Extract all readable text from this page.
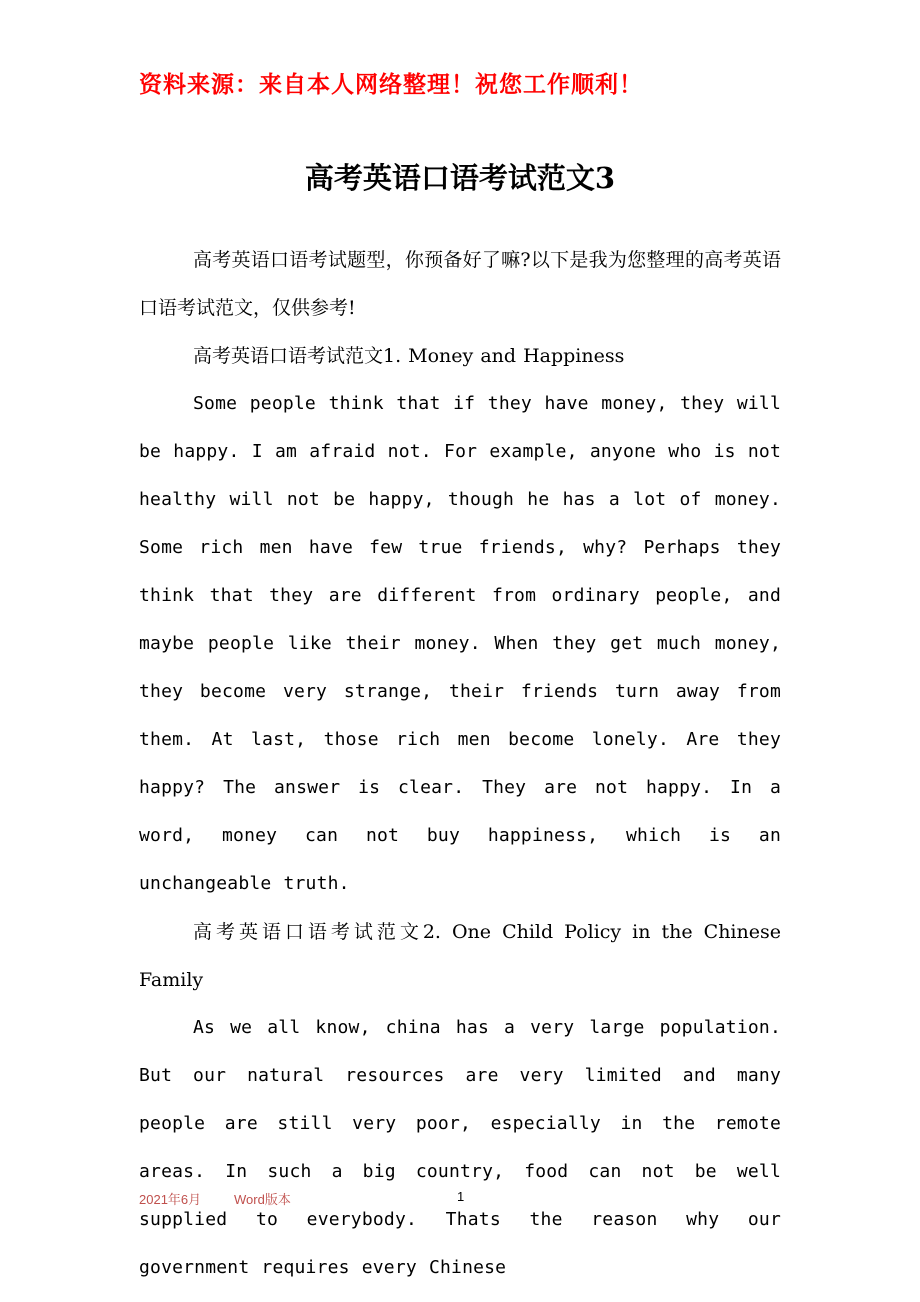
资料来源：来自本人网络整理！祝您工作顺利！
高考英语口语考试范文3

高考英语口语考试题型，你预备好了嘛?以下是我为您整理的高考英语口语考试范文，仅供参考!

高考英语口语考试范文1. Money and Happiness

Some people think that if they have money, they will be happy. I am afraid not. For example, anyone who is not healthy will not be happy, though he has a lot of money. Some rich men have few true friends, why? Perhaps they think that they are different from ordinary people, and maybe people like their money. When they get much money, they become very strange, their friends turn away from them. At last, those rich men become lonely. Are they happy? The answer is clear. They are not happy. In a word, money can not buy happiness, which is an unchangeable truth.

高考英语口语考试范文2. One Child Policy in the Chinese Family

As we all know, china has a very large population. But our natural resources are very limited and many people are still very poor, especially in the remote areas. In such a big country, food can not be well supplied to everybody. Thats the reason why our government requires every Chinese

2021年6月	Word版本	1
